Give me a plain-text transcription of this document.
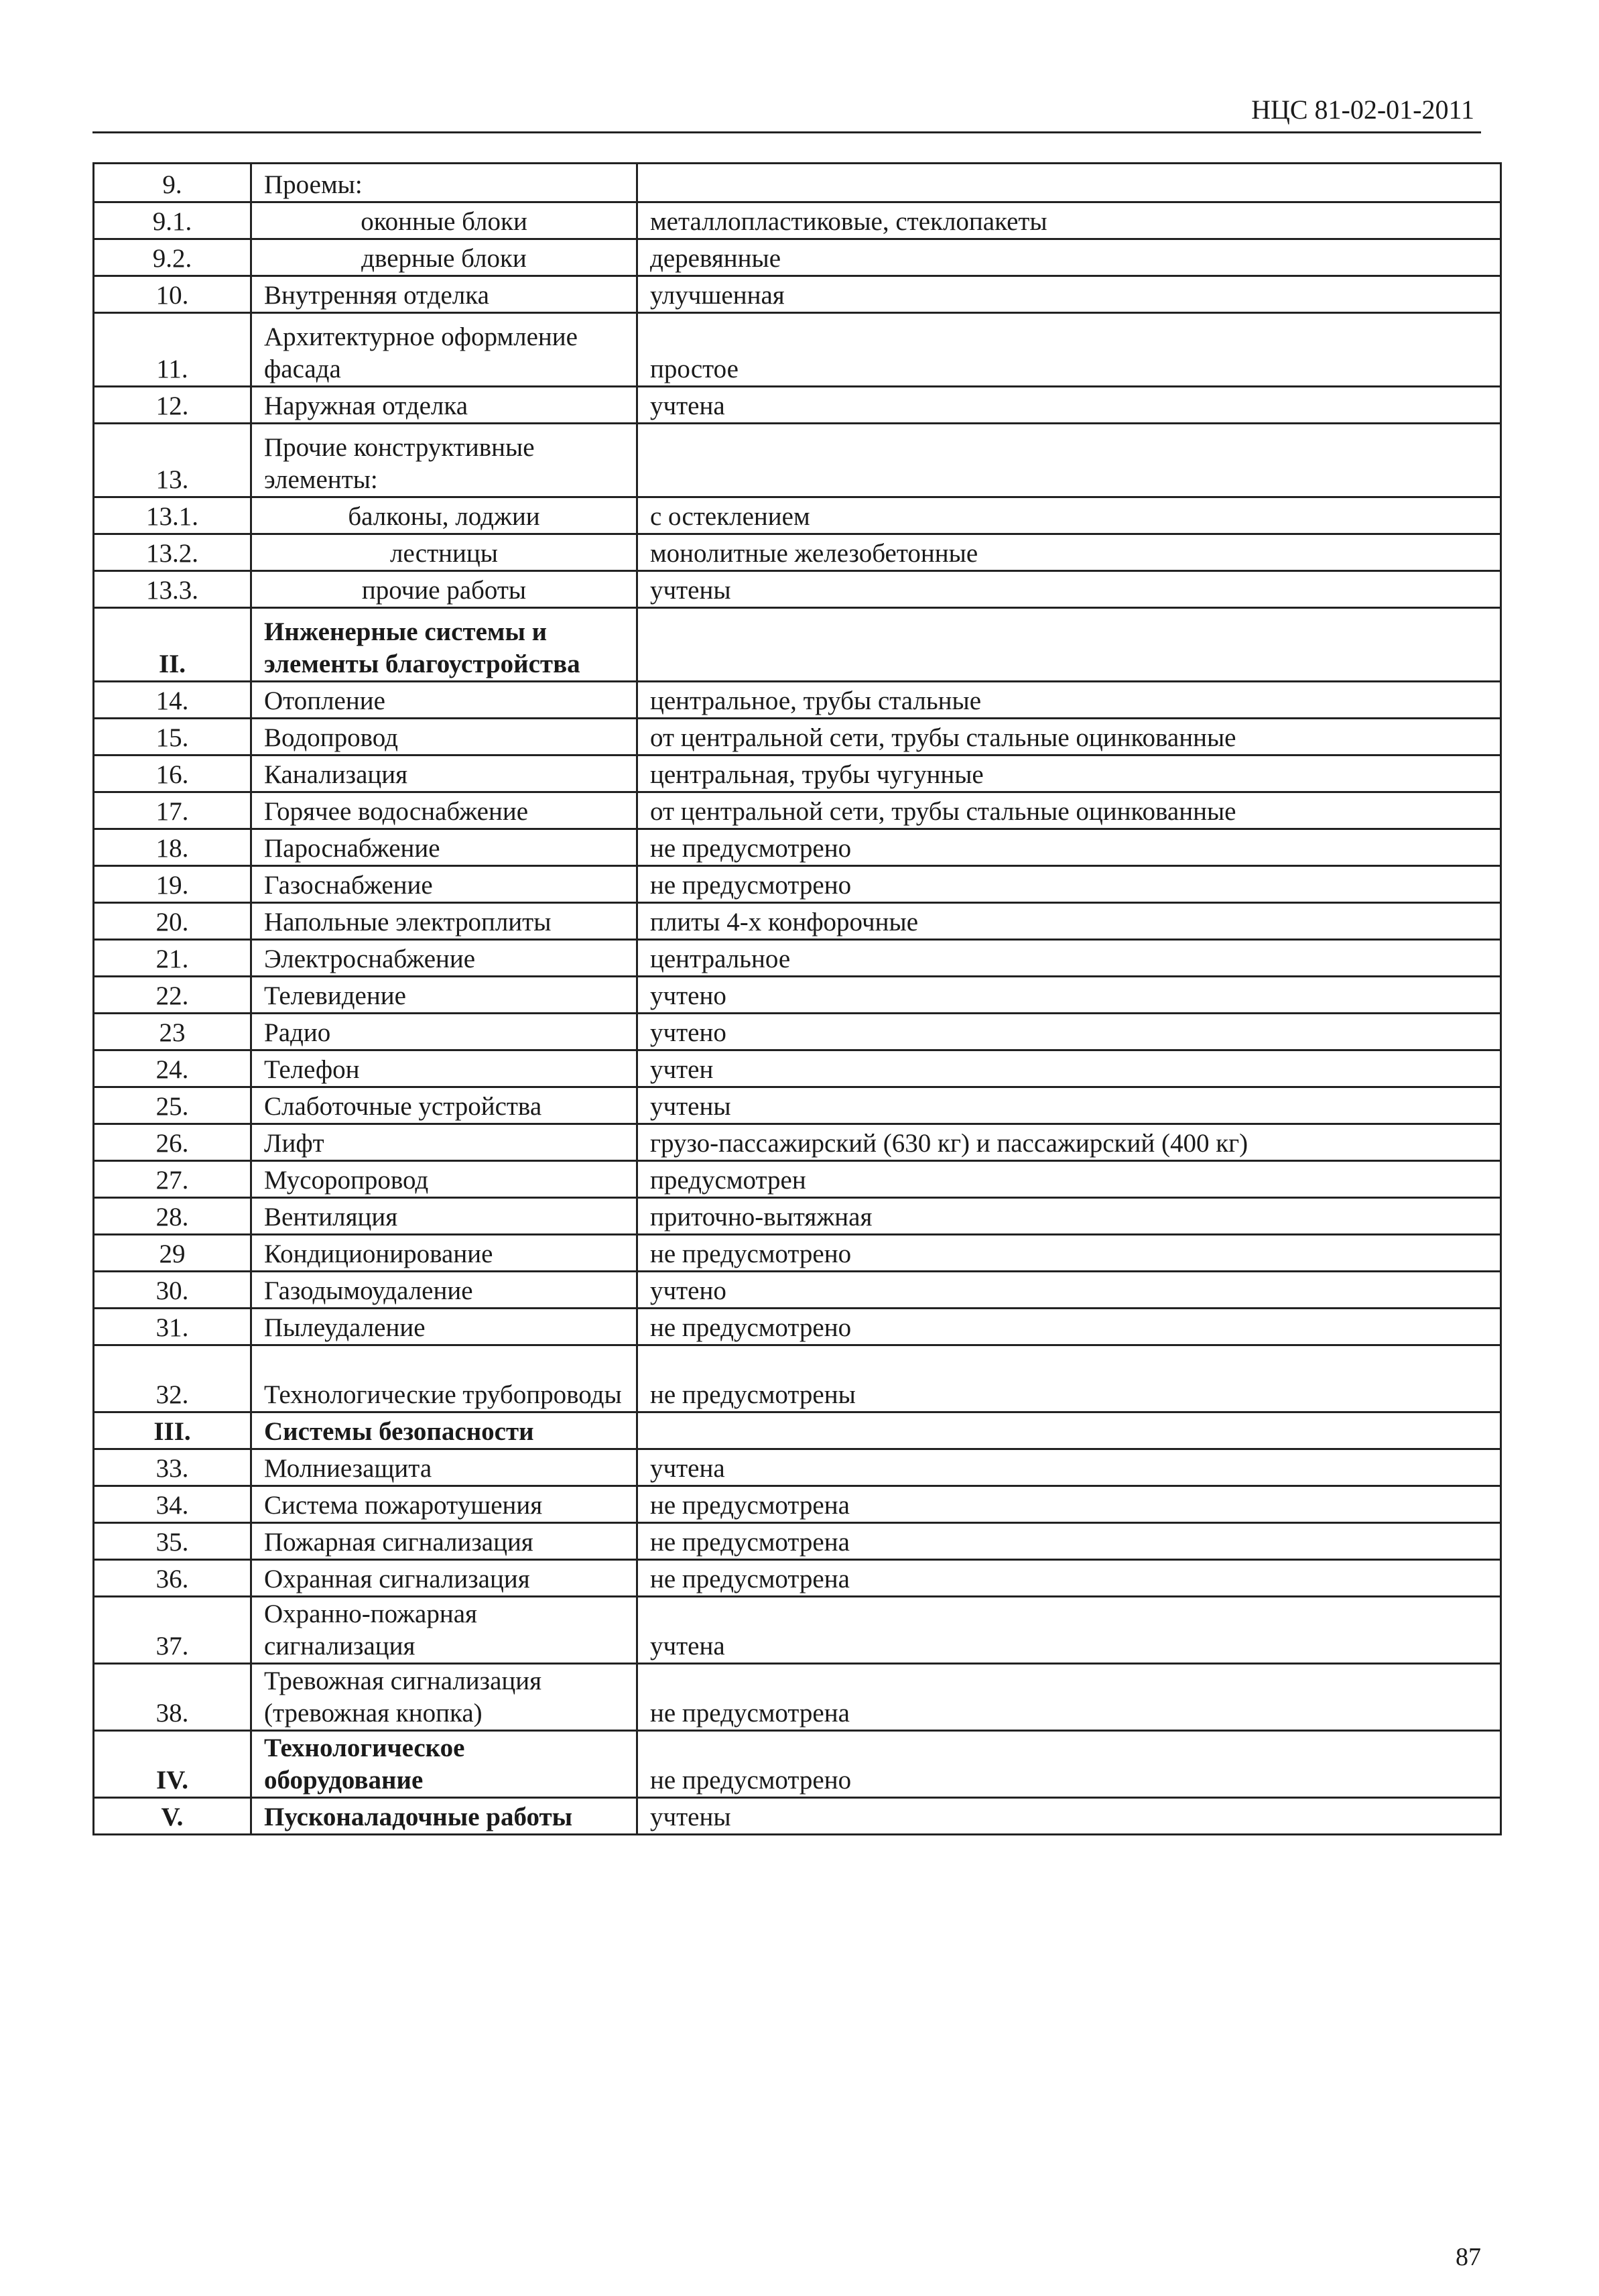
НЦС 81-02-01-2011
9.	Проемы:	
9.1.	оконные блоки	металлопластиковые, стеклопакеты
9.2.	дверные блоки	деревянные
10.	Внутренняя отделка	улучшенная
11.	Архитектурное оформление фасада	простое
12.	Наружная отделка	учтена
13.	Прочие конструктивные элементы:	
13.1.	балконы, лоджии	с остеклением
13.2.	лестницы	монолитные железобетонные
13.3.	прочие работы	учтены
II.	Инженерные системы и элементы благоустройства	
14.	Отопление	центральное, трубы стальные
15.	Водопровод	от центральной сети, трубы стальные оцинкованные
16.	Канализация	центральная, трубы чугунные
17.	Горячее водоснабжение	от центральной сети, трубы стальные оцинкованные
18.	Пароснабжение	не предусмотрено
19.	Газоснабжение	не предусмотрено
20.	Напольные электроплиты	плиты 4-х конфорочные
21.	Электроснабжение	центральное
22.	Телевидение	учтено
23	Радио	учтено
24.	Телефон	учтен
25.	Слаботочные устройства	учтены
26.	Лифт	грузо-пассажирский (630 кг) и пассажирский (400 кг)
27.	Мусоропровод	предусмотрен
28.	Вентиляция	приточно-вытяжная
29	Кондиционирование	не предусмотрено
30.	Газодымоудаление	учтено
31.	Пылеудаление	не предусмотрено
32.	Технологические трубопроводы	не предусмотрены
III.	Системы безопасности	
33.	Молниезащита	учтена
34.	Система пожаротушения	не предусмотрена
35.	Пожарная сигнализация	не предусмотрена
36.	Охранная сигнализация	не предусмотрена
37.	Охранно-пожарная сигнализация	учтена
38.	Тревожная сигнализация (тревожная кнопка)	не предусмотрена
IV.	Технологическое оборудование	не предусмотрено
V.	Пусконаладочные работы	учтены
87
